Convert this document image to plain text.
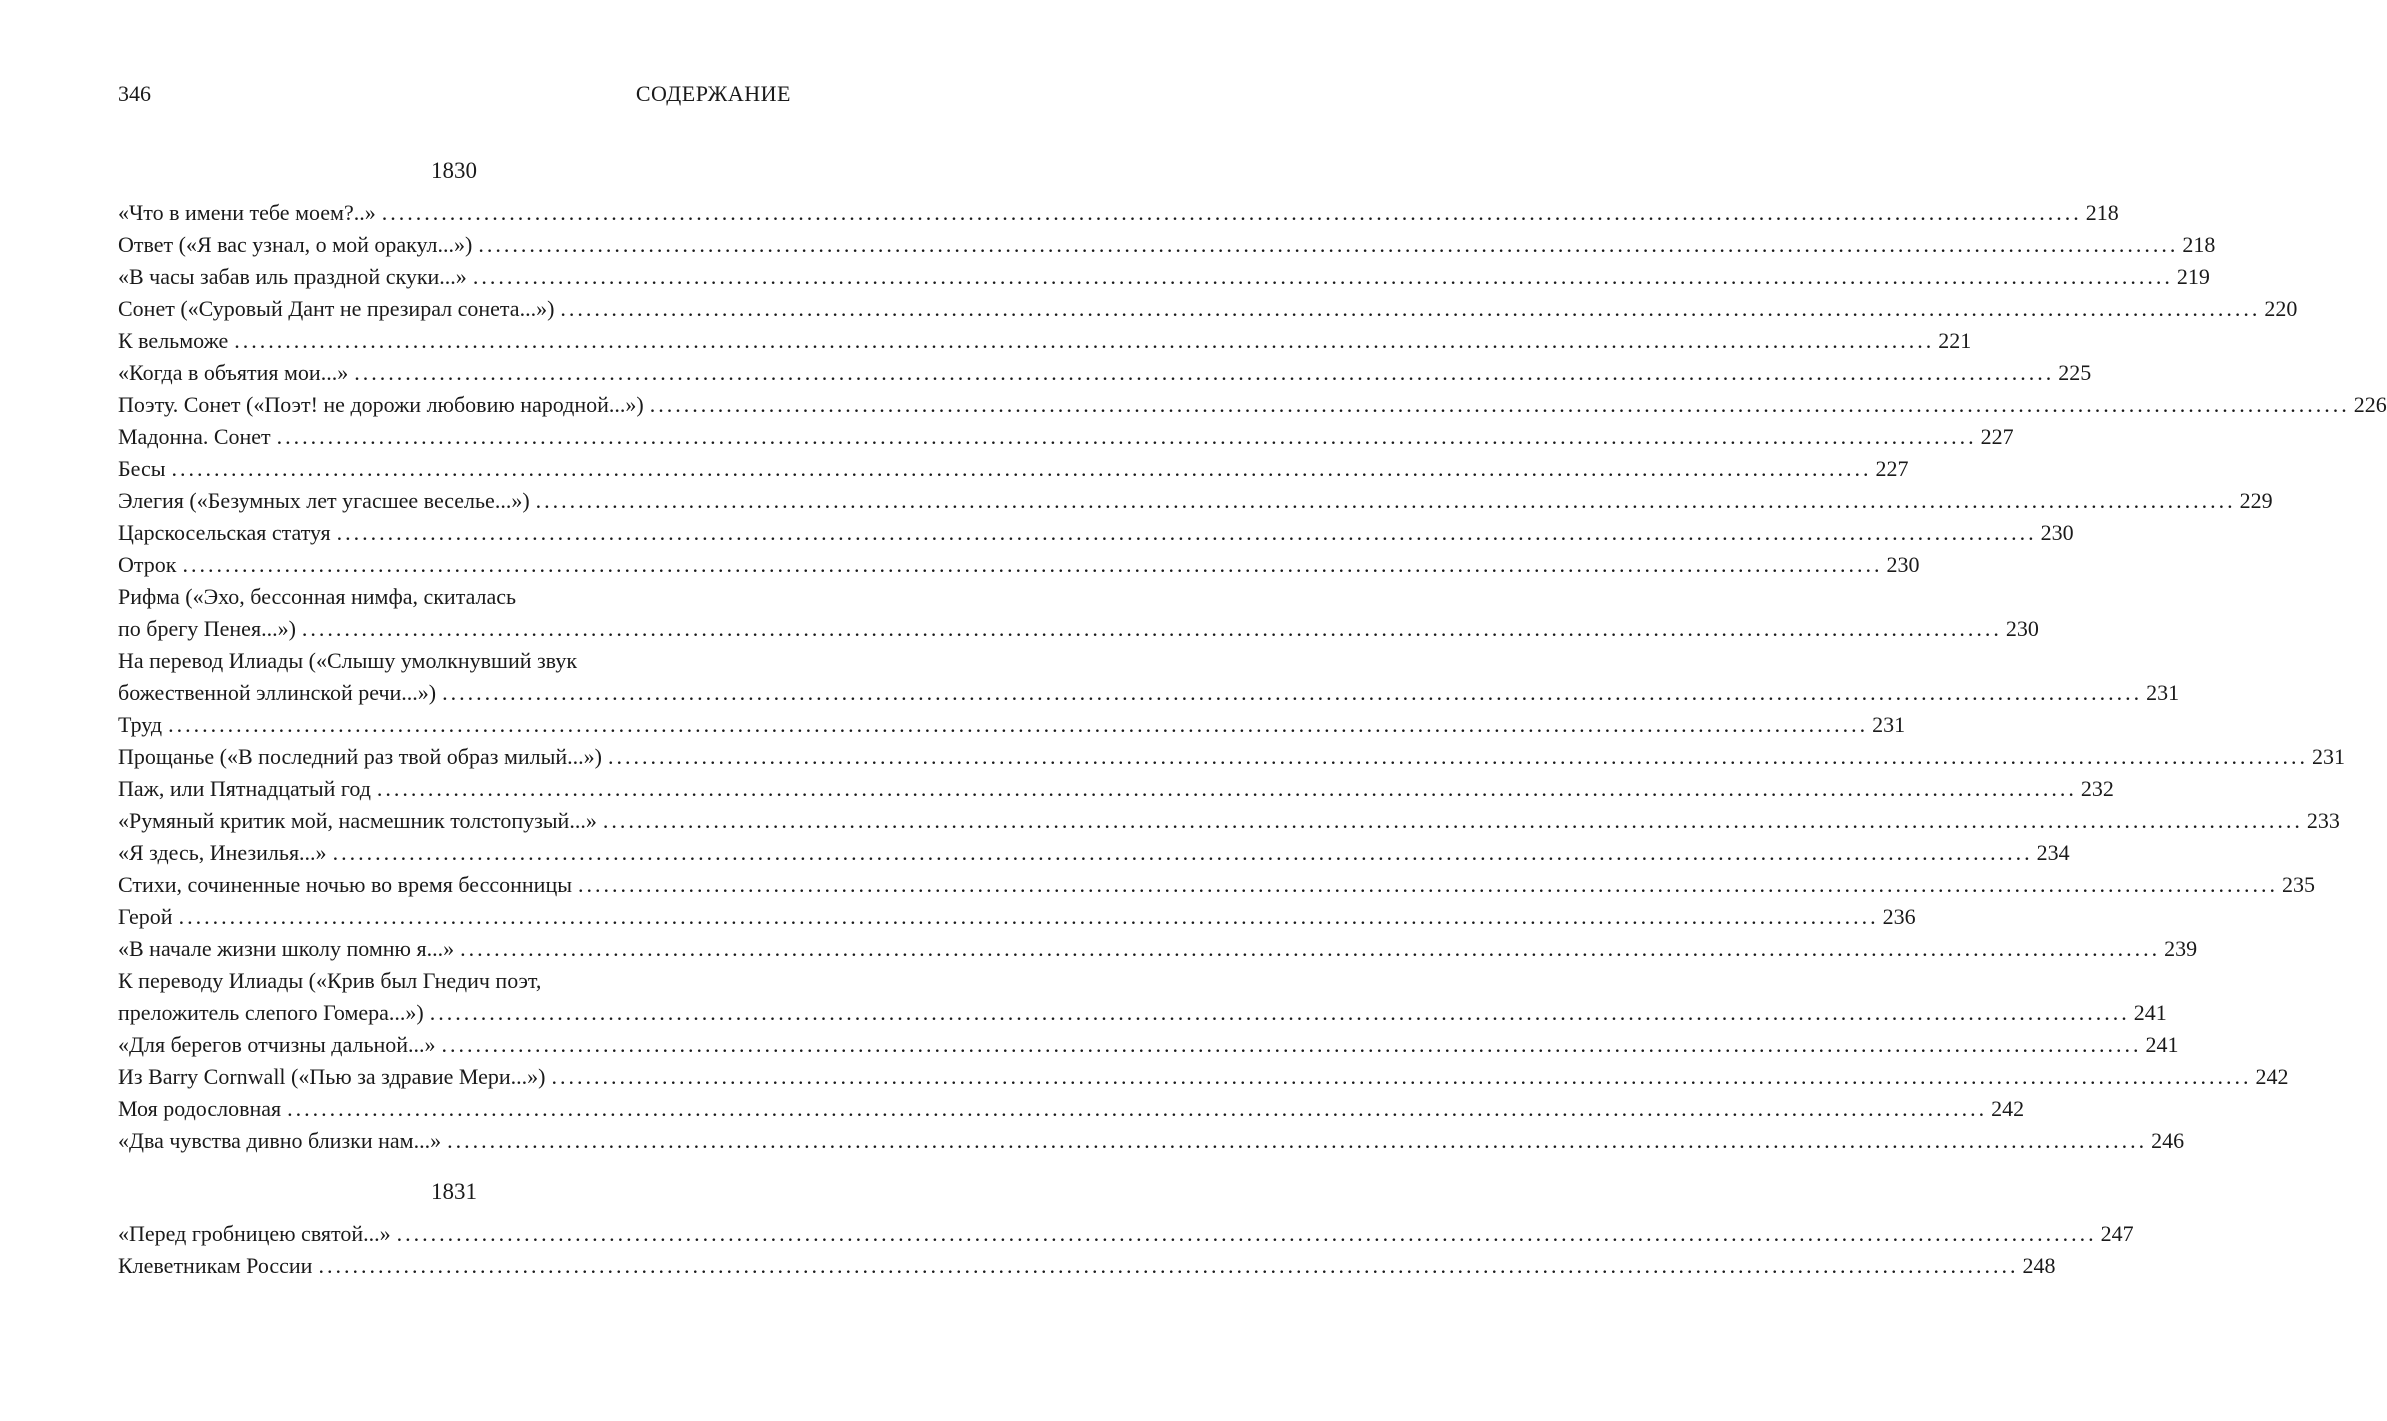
346	СОДЕРЖАНИЕ
1830
«Что в имени тебе моем?..» ........................................................................................................................................................................................................ 218
Ответ («Я вас узнал, о мой оракул...») ........................................................................................................................................................................................................ 218
«В часы забав иль праздной скуки...» ........................................................................................................................................................................................................ 219
Сонет («Суровый Дант не презирал сонета...») ........................................................................................................................................................................................................ 220
К вельможе ........................................................................................................................................................................................................ 221
«Когда в объятия мои...» ........................................................................................................................................................................................................ 225
Поэту. Сонет («Поэт! не дорожи любовию народной...») ........................................................................................................................................................................................................ 226
Мадонна. Сонет ........................................................................................................................................................................................................ 227
Бесы ........................................................................................................................................................................................................ 227
Элегия («Безумных лет угасшее веселье...») ........................................................................................................................................................................................................ 229
Царскосельская статуя ........................................................................................................................................................................................................ 230
Отрок ........................................................................................................................................................................................................ 230
Рифма («Эхо, бессонная нимфа, скиталась
по брегу Пенея...») ........................................................................................................................................................................................................ 230
На перевод Илиады («Слышу умолкнувший звук
божественной эллинской речи...») ........................................................................................................................................................................................................ 231
Труд ........................................................................................................................................................................................................ 231
Прощанье («В последний раз твой образ милый...») ........................................................................................................................................................................................................ 231
Паж, или Пятнадцатый год ........................................................................................................................................................................................................ 232
«Румяный критик мой, насмешник толстопузый...» ........................................................................................................................................................................................................ 233
«Я здесь, Инезилья...» ........................................................................................................................................................................................................ 234
Стихи, сочиненные ночью во время бессонницы ........................................................................................................................................................................................................ 235
Герой ........................................................................................................................................................................................................ 236
«В начале жизни школу помню я...» ........................................................................................................................................................................................................ 239
К переводу Илиады («Крив был Гнедич поэт,
преложитель слепого Гомера...») ........................................................................................................................................................................................................ 241
«Для берегов отчизны дальной...» ........................................................................................................................................................................................................ 241
Из Barry Cornwall («Пью за здравие Мери...») ........................................................................................................................................................................................................ 242
Моя родословная ........................................................................................................................................................................................................ 242
«Два чувства дивно близки нам...» ........................................................................................................................................................................................................ 246
1831
«Перед гробницею святой...» ........................................................................................................................................................................................................ 247
Клеветникам России ........................................................................................................................................................................................................ 248
